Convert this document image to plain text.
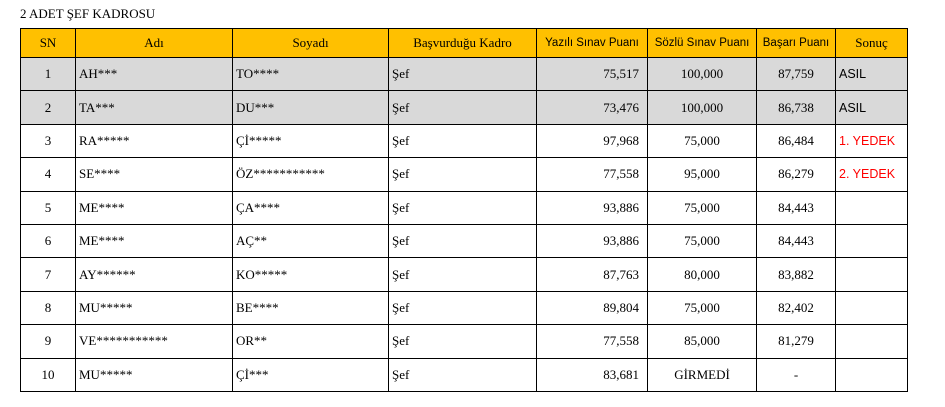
2 ADET ŞEF KADROSU
SN	Adı	Soyadı	Başvurduğu Kadro	Yazılı Sınav Puanı	Sözlü Sınav Puanı	Başarı Puanı	Sonuç
1	AH***	TO****	Şef	75,517	100,000	87,759	ASIL
2	TA***	DU***	Şef	73,476	100,000	86,738	ASIL
3	RA*****	Çİ*****	Şef	97,968	75,000	86,484	1. YEDEK
4	SE****	ÖZ***********	Şef	77,558	95,000	86,279	2. YEDEK
5	ME****	ÇA****	Şef	93,886	75,000	84,443	
6	ME****	AÇ**	Şef	93,886	75,000	84,443	
7	AY******	KO*****	Şef	87,763	80,000	83,882	
8	MU*****	BE****	Şef	89,804	75,000	82,402	
9	VE***********	OR**	Şef	77,558	85,000	81,279	
10	MU*****	Çİ***	Şef	83,681	GİRMEDİ	-	
